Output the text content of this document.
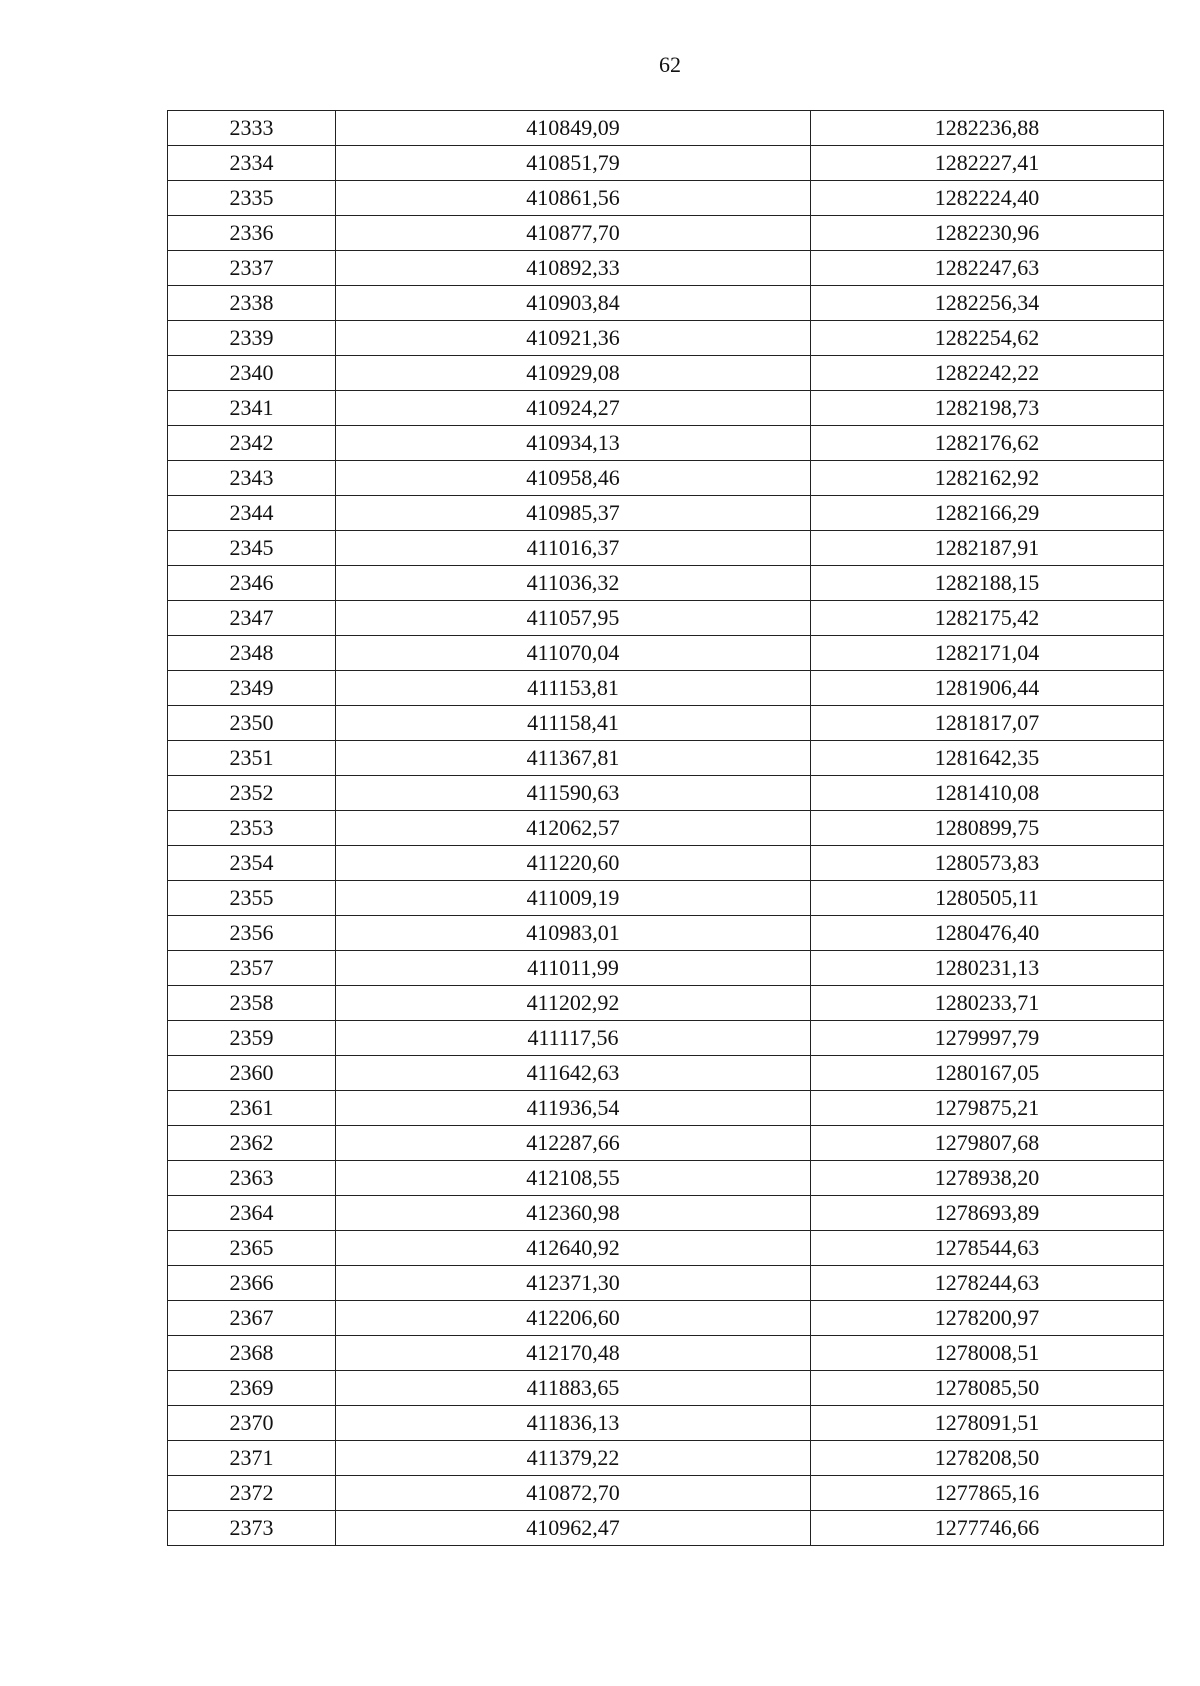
62
2333	410849,09	1282236,88
2334	410851,79	1282227,41
2335	410861,56	1282224,40
2336	410877,70	1282230,96
2337	410892,33	1282247,63
2338	410903,84	1282256,34
2339	410921,36	1282254,62
2340	410929,08	1282242,22
2341	410924,27	1282198,73
2342	410934,13	1282176,62
2343	410958,46	1282162,92
2344	410985,37	1282166,29
2345	411016,37	1282187,91
2346	411036,32	1282188,15
2347	411057,95	1282175,42
2348	411070,04	1282171,04
2349	411153,81	1281906,44
2350	411158,41	1281817,07
2351	411367,81	1281642,35
2352	411590,63	1281410,08
2353	412062,57	1280899,75
2354	411220,60	1280573,83
2355	411009,19	1280505,11
2356	410983,01	1280476,40
2357	411011,99	1280231,13
2358	411202,92	1280233,71
2359	411117,56	1279997,79
2360	411642,63	1280167,05
2361	411936,54	1279875,21
2362	412287,66	1279807,68
2363	412108,55	1278938,20
2364	412360,98	1278693,89
2365	412640,92	1278544,63
2366	412371,30	1278244,63
2367	412206,60	1278200,97
2368	412170,48	1278008,51
2369	411883,65	1278085,50
2370	411836,13	1278091,51
2371	411379,22	1278208,50
2372	410872,70	1277865,16
2373	410962,47	1277746,66
